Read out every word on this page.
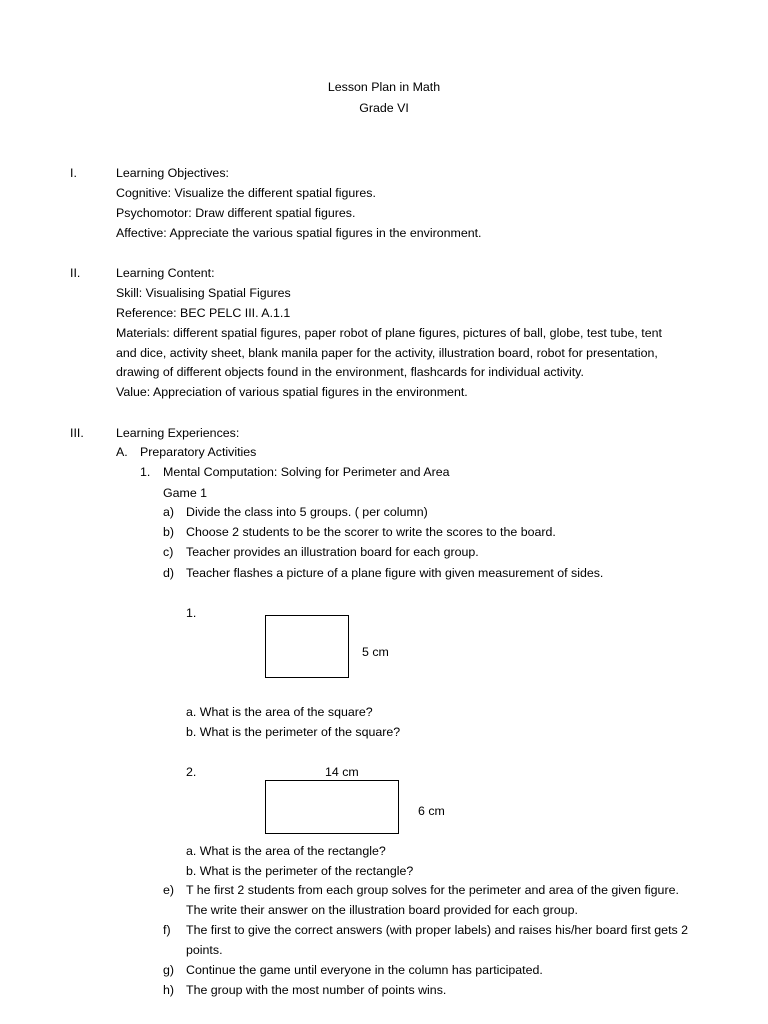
Lesson Plan in Math
Grade VI
I.	Learning Objectives:
Cognitive: Visualize the different spatial figures.
Psychomotor: Draw different spatial figures.
Affective: Appreciate the various spatial figures in the environment.
II.	Learning Content:
Skill: Visualising Spatial Figures
Reference: BEC PELC III. A.1.1
Materials: different spatial figures, paper robot of plane figures, pictures of ball, globe, test tube, tent
and dice, activity sheet, blank manila paper for the activity, illustration board, robot for presentation,
drawing of different objects found in the environment, flashcards for individual activity.
Value: Appreciation of various spatial figures in the environment.
III.	Learning Experiences:
A. Preparatory Activities
1. Mental Computation: Solving for Perimeter and Area
Game 1
a) Divide the class into 5 groups. ( per column)
b) Choose 2 students to be the scorer to write the scores to the board.
c) Teacher provides an illustration board for each group.
d) Teacher flashes a picture of a plane figure with given measurement of sides.
1.
5 cm
a. What is the area of the square?
b. What is the perimeter of the square?
2.	14 cm
6 cm
a. What is the area of the rectangle?
b. What is the perimeter of the rectangle?
e) T he first 2 students from each group solves for the perimeter and area of the given figure.
The write their answer on the illustration board provided for each group.
f) The first to give the correct answers (with proper labels) and raises his/her board first gets 2
points.
g) Continue the game until everyone in the column has participated.
h) The group with the most number of points wins.
